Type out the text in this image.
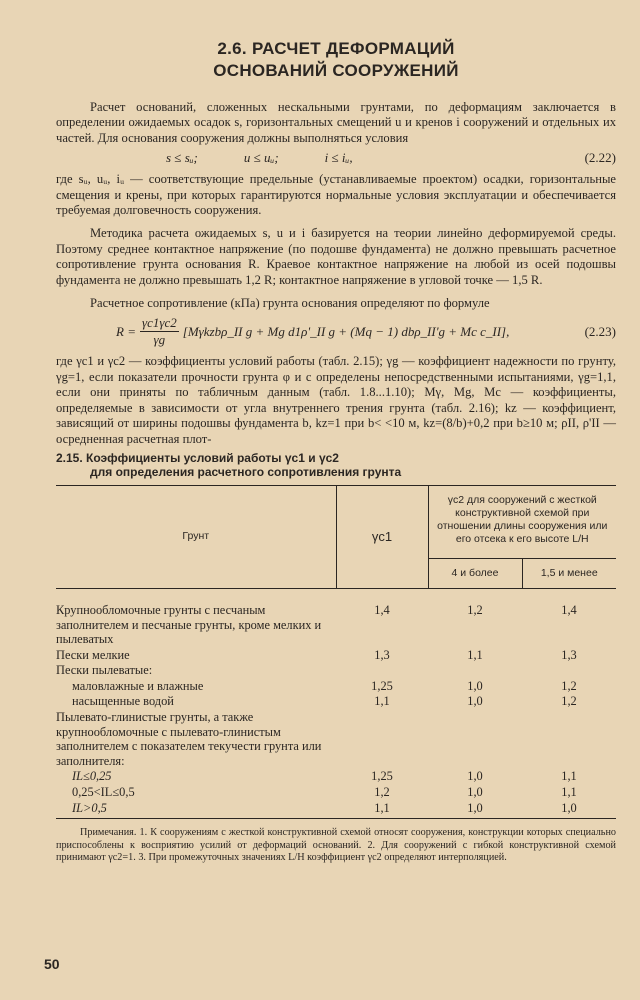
2.6. РАСЧЕТ ДЕФОРМАЦИЙ
ОСНОВАНИЙ СООРУЖЕНИЙ

Расчет оснований, сложенных нескальными грунтами, по деформациям заключается в определении ожидаемых осадок s, горизонтальных смещений u и кренов i сооружений и отдельных их частей. Для основания сооружения должны выполняться условия

s ≤ sᵤ;	u ≤ uᵤ;	i ≤ iᵤ,	(2.22)

где sᵤ, uᵤ, iᵤ — соответствующие предельные (устанавливаемые проектом) осадки, горизонтальные смещения и крены, при которых гарантируются нормальные условия эксплуатации и обеспечивается требуемая долговечность сооружения.

Методика расчета ожидаемых s, u и i базируется на теории линейно деформируемой среды. Поэтому среднее контактное напряжение (по подошве фундамента) не должно превышать расчетное сопротивление грунта основания R. Краевое контактное напряжение на любой из осей подошвы фундамента не должно превышать 1,2 R; контактное напряжение в угловой точке — 1,5 R.

Расчетное сопротивление (кПа) грунта основания определяют по формуле

$R = \frac{\gamma c1\gamma c2}{\gamma g}$ [Mγkzbρ_II g + Mg d1ρ'_II g + (Mq − 1) dbρ_II'g + Mc c_II],	(2.23)

где γc1 и γc2 — коэффициенты условий работы (табл. 2.15); γg — коэффициент надежности по грунту, γg=1, если показатели прочности грунта φ и c определены непосредственными испытаниями, γg=1,1, если они приняты по табличным данным (табл. 1.8...1.10); Mγ, Mg, Mc — коэффициенты, определяемые в зависимости от угла внутреннего трения грунта (табл. 2.16); kz — коэффициент, зависящий от ширины подошвы фундамента b, kz=1 при b< <10 м, kz=(8/b)+0,2 при b≥10 м; ρII, ρ'II — осредненная расчетная плот-

2.15. Коэффициенты условий работы γc1 и γc2
для определения расчетного сопротивления грунта
Грунт	γc1	γc2 для сооружений с жесткой конструктивной схемой при отношении длины сооружения или его отсека к его высоте L/H	
		4 и более	1,5 и менее
Крупнообломочные грунты с песчаным заполнителем и песчаные грунты, кроме мелких и пылеватых	1,4	1,2	1,4
Пески мелкие	1,3	1,1	1,3
Пески пылеватые:			
маловлажные и влажные	1,25	1,0	1,2
насыщенные водой	1,1	1,0	1,2
Пылевато-глинистые грунты, а также крупнообломочные с пылевато-глинистым заполнителем с показателем текучести грунта или заполнителя:			
IL≤0,25	1,25	1,0	1,1
0,25<IL≤0,5	1,2	1,0	1,1
IL>0,5	1,1	1,0	1,0

Примечания. 1. К сооружениям с жесткой конструктивной схемой относят сооружения, конструкции которых специально приспособлены к восприятию усилий от деформаций оснований. 2. Для сооружений с гибкой конструктивной схемой принимают γc2=1. 3. При промежуточных значениях L/H коэффициент γc2 определяют интерполяцией.

50
